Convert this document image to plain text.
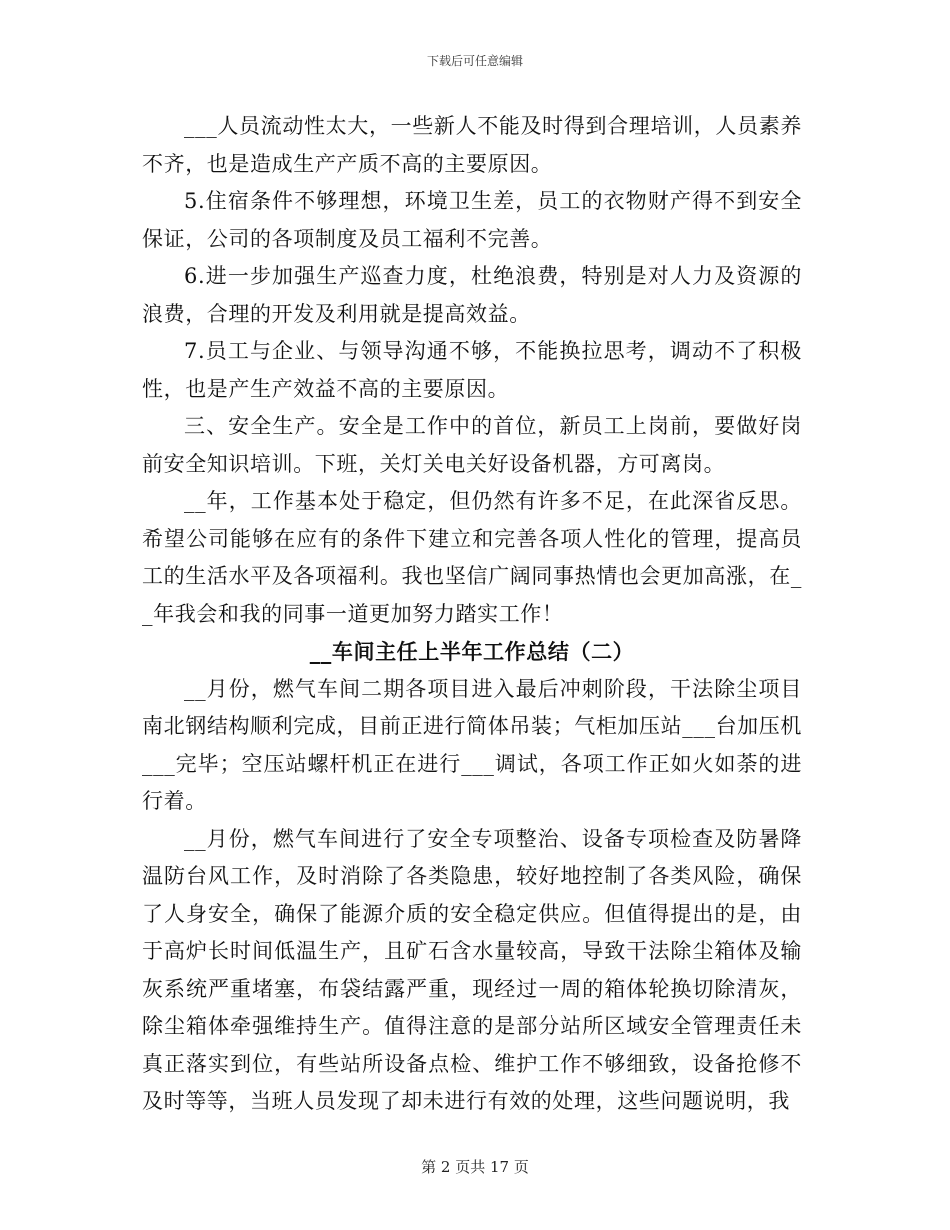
下载后可任意编辑

___人员流动性太大，一些新人不能及时得到合理培训，人员素养不齐，也是造成生产产质不高的主要原因。

5.住宿条件不够理想，环境卫生差，员工的衣物财产得不到安全保证，公司的各项制度及员工福利不完善。

6.进一步加强生产巡查力度，杜绝浪费，特别是对人力及资源的浪费，合理的开发及利用就是提高效益。

7.员工与企业、与领导沟通不够，不能换拉思考，调动不了积极性，也是产生产效益不高的主要原因。

三、安全生产。安全是工作中的首位，新员工上岗前，要做好岗前安全知识培训。下班，关灯关电关好设备机器，方可离岗。

__年，工作基本处于稳定，但仍然有许多不足，在此深省反思。希望公司能够在应有的条件下建立和完善各项人性化的管理，提高员工的生活水平及各项福利。我也坚信广阔同事热情也会更加高涨，在__年我会和我的同事一道更加努力踏实工作！

__车间主任上半年工作总结（二）

__月份，燃气车间二期各项目进入最后冲刺阶段，干法除尘项目南北钢结构顺利完成，目前正进行简体吊装；气柜加压站___台加压机___完毕；空压站螺杆机正在进行___调试，各项工作正如火如荼的进行着。

__月份，燃气车间进行了安全专项整治、设备专项检查及防暑降温防台风工作，及时消除了各类隐患，较好地控制了各类风险，确保了人身安全，确保了能源介质的安全稳定供应。但值得提出的是，由于高炉长时间低温生产，且矿石含水量较高，导致干法除尘箱体及输灰系统严重堵塞，布袋结露严重，现经过一周的箱体轮换切除清灰，除尘箱体牵强维持生产。值得注意的是部分站所区域安全管理责任未真正落实到位，有些站所设备点检、维护工作不够细致，设备抢修不及时等等，当班人员发现了却未进行有效的处理，这些问题说明，我

第 2 页共 17 页
